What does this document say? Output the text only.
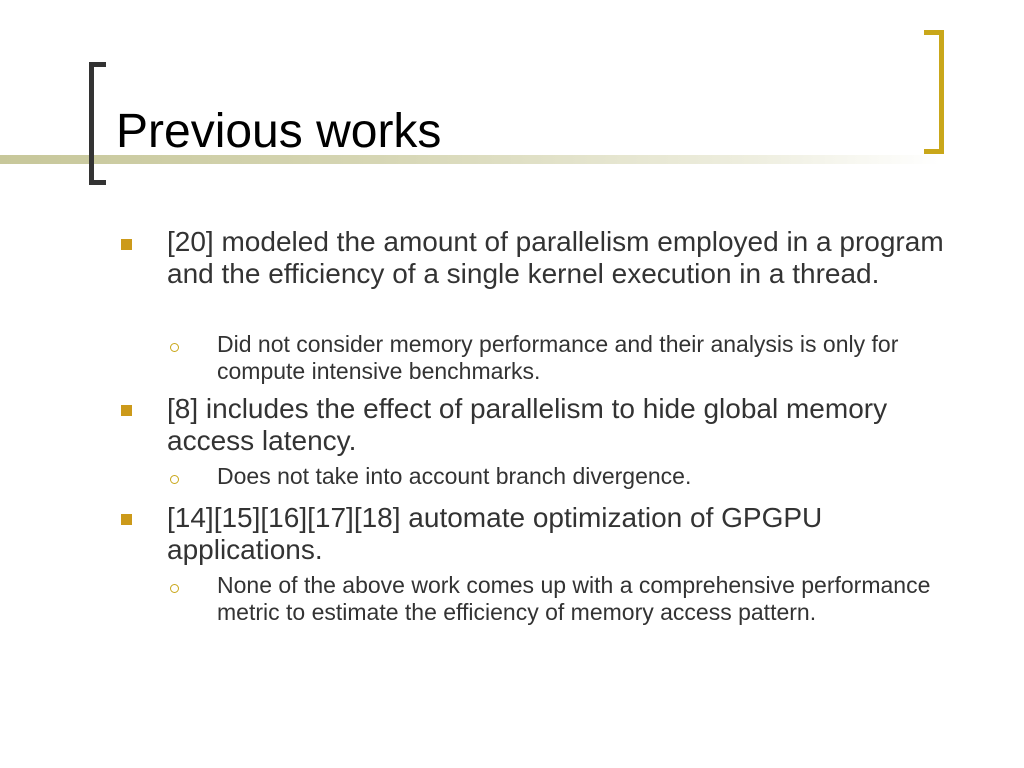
Previous works
[20] modeled the amount of parallelism employed in a program and the efficiency of a single kernel execution in a thread.
Did not consider memory performance and their analysis is only for compute intensive benchmarks.
[8] includes the effect of parallelism to hide global memory access latency.
Does not take into account branch divergence.
[14][15][16][17][18] automate optimization of GPGPU applications.
None of the above work comes up with a comprehensive performance metric to estimate the efficiency of memory access pattern.
